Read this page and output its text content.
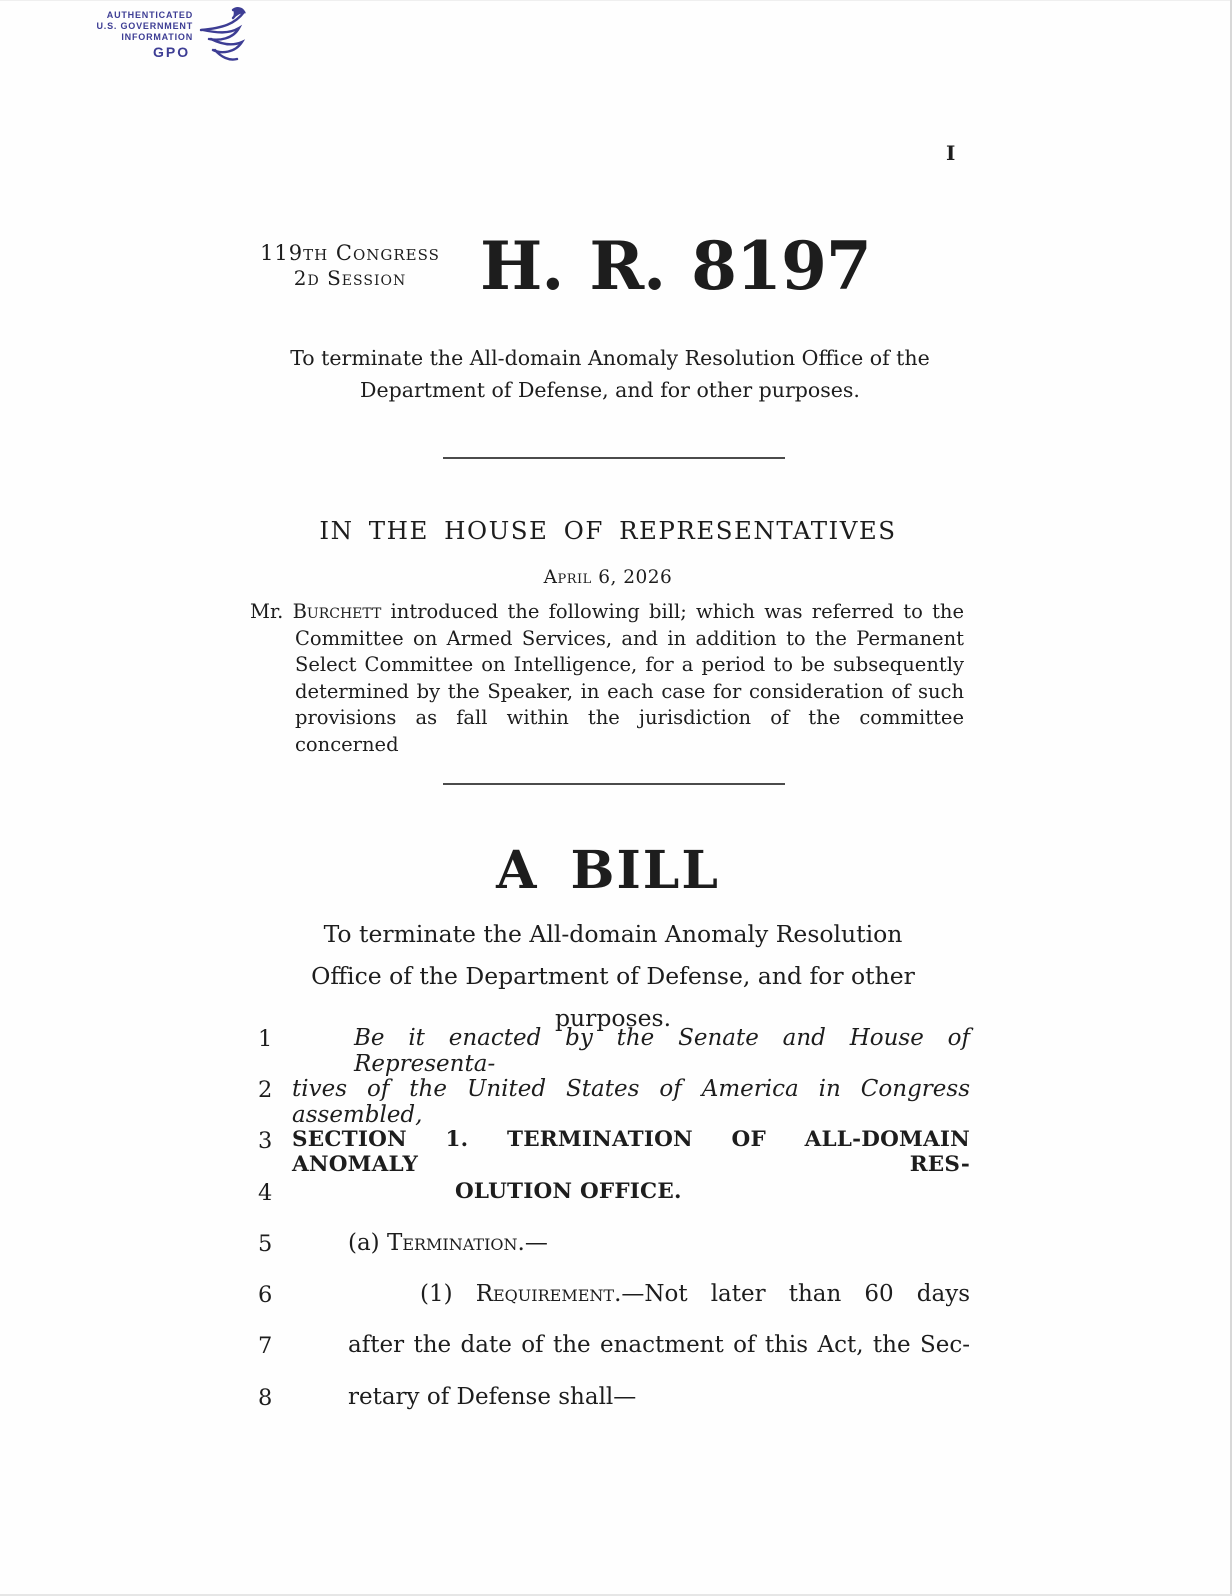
AUTHENTICATED
U.S. GOVERNMENT
INFORMATION
GPO
I
119th Congress
2d Session	H. R. 8197
To terminate the All-domain Anomaly Resolution Office of the Department of Defense, and for other purposes.
IN THE HOUSE OF REPRESENTATIVES
April 6, 2026
Mr. Burchett introduced the following bill; which was referred to the Committee on Armed Services, and in addition to the Permanent Select Committee on Intelligence, for a period to be subsequently determined by the Speaker, in each case for consideration of such provisions as fall within the jurisdiction of the committee concerned
A BILL
To terminate the All-domain Anomaly Resolution Office of the Department of Defense, and for other purposes.
1	Be it enacted by the Senate and House of Representa-
2 tives of the United States of America in Congress assembled,
3 SECTION 1. TERMINATION OF ALL-DOMAIN ANOMALY RES-
4	OLUTION OFFICE.
5	(a) Termination.—
6	(1) Requirement.—Not later than 60 days
7	after the date of the enactment of this Act, the Sec-
8	retary of Defense shall—
